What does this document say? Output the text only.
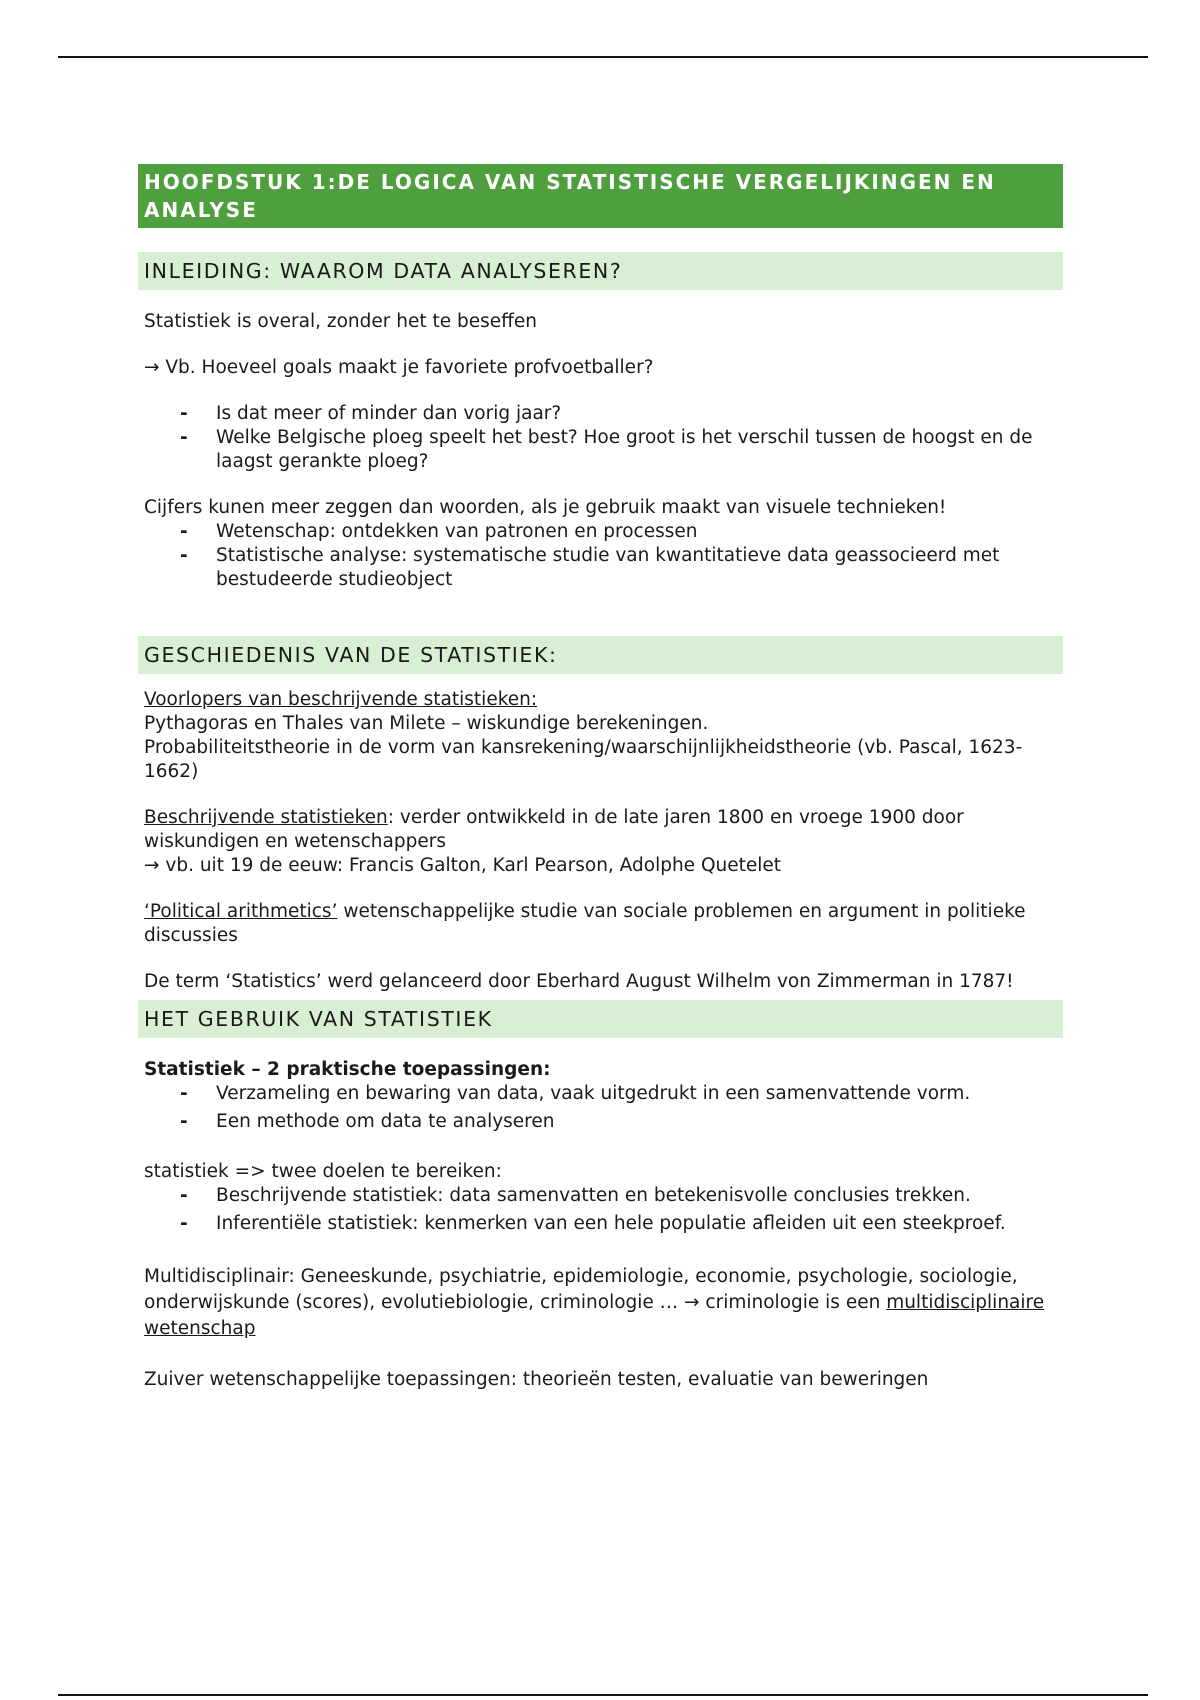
HOOFDSTUK 1:DE LOGICA VAN STATISTISCHE VERGELIJKINGEN EN ANALYSE
INLEIDING: WAAROM DATA ANALYSEREN?

Statistiek is overal, zonder het te beseffen

→ Vb. Hoeveel goals maakt je favoriete profvoetballer?

- Is dat meer of minder dan vorig jaar?
- Welke Belgische ploeg speelt het best? Hoe groot is het verschil tussen de hoogst en de laagst gerankte ploeg?

Cijfers kunen meer zeggen dan woorden, als je gebruik maakt van visuele technieken!

- Wetenschap: ontdekken van patronen en processen
- Statistische analyse: systematische studie van kwantitatieve data geassocieerd met bestudeerde studieobject
GESCHIEDENIS VAN DE STATISTIEK:

Voorlopers van beschrijvende statistieken:
Pythagoras en Thales van Milete – wiskundige berekeningen.
Probabiliteitstheorie in de vorm van kansrekening/waarschijnlijkheidstheorie (vb. Pascal, 1623-1662)

Beschrijvende statistieken: verder ontwikkeld in de late jaren 1800 en vroege 1900 door wiskundigen en wetenschappers
→ vb. uit 19 de eeuw: Francis Galton, Karl Pearson, Adolphe Quetelet

‘Political arithmetics’ wetenschappelijke studie van sociale problemen en argument in politieke discussies

De term ‘Statistics’ werd gelanceerd door Eberhard August Wilhelm von Zimmerman in 1787!

HET GEBRUIK VAN STATISTIEK

Statistiek – 2 praktische toepassingen:

- Verzameling en bewaring van data, vaak uitgedrukt in een samenvattende vorm.
- Een methode om data te analyseren

statistiek => twee doelen te bereiken:

- Beschrijvende statistiek: data samenvatten en betekenisvolle conclusies trekken.
- Inferentiële statistiek: kenmerken van een hele populatie afleiden uit een steekproef.

Multidisciplinair: Geneeskunde, psychiatrie, epidemiologie, economie, psychologie, sociologie, onderwijskunde (scores), evolutiebiologie, criminologie … → criminologie is een multidisciplinaire wetenschap

Zuiver wetenschappelijke toepassingen: theorieën testen, evaluatie van beweringen
